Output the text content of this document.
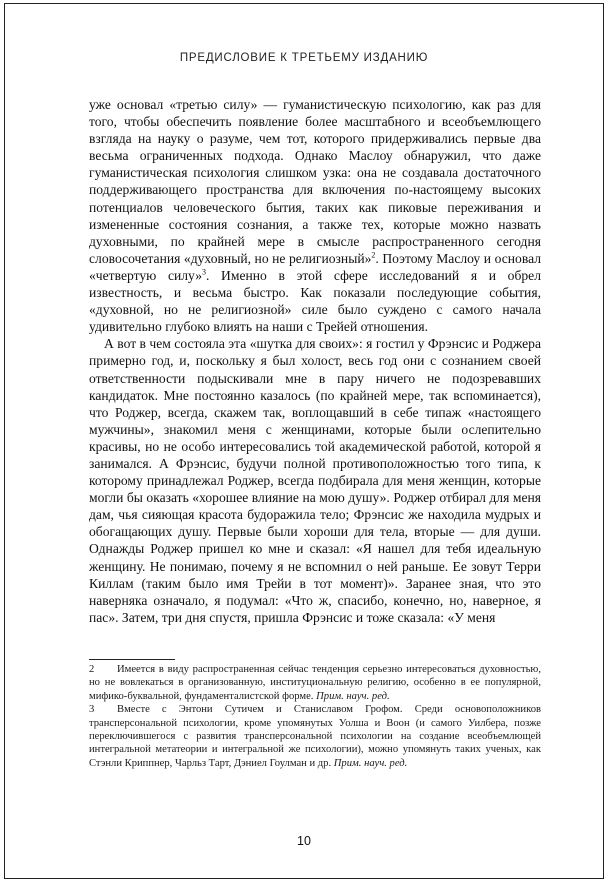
ПРЕДИСЛОВИЕ К ТРЕТЬЕМУ ИЗДАНИЮ

уже основал «третью силу» — гуманистическую психологию, как раз для того, чтобы обеспечить появление более масштабного и всеобъемлющего взгляда на науку о разуме, чем тот, которого придерживались первые два весьма ограниченных подхода. Однако Маслоу обнаружил, что даже гуманистическая психология слишком узка: она не создавала достаточного поддерживающего пространства для включения по-настоящему высоких потенциалов человеческого бытия, таких как пиковые переживания и измененные состояния сознания, а также тех, которые можно назвать духовными, по крайней мере в смысле распространенного сегодня словосочетания «духовный, но не религиозный»$^2$. Поэтому Маслоу и основал «четвертую силу»$^3$. Именно в этой сфере исследований я и обрел известность, и весьма быстро. Как показали последующие события, «духовной, но не религиозной» силе было суждено с самого начала удивительно глубоко влиять на наши с Трейей отношения.

А вот в чем состояла эта «шутка для своих»: я гостил у Фрэнсис и Роджера примерно год, и, поскольку я был холост, весь год они с сознанием своей ответственности подыскивали мне в пару ничего не подозревавших кандидаток. Мне постоянно казалось (по крайней мере, так вспоминается), что Роджер, всегда, скажем так, воплощавший в себе типаж «настоящего мужчины», знакомил меня с женщинами, которые были ослепительно красивы, но не особо интересовались той академической работой, которой я занимался. А Фрэнсис, будучи полной противоположностью того типа, к которому принадлежал Роджер, всегда подбирала для меня женщин, которые могли бы оказать «хорошее влияние на мою душу». Роджер отбирал для меня дам, чья сияющая красота будоражила тело; Фрэнсис же находила мудрых и обогащающих душу. Первые были хороши для тела, вторые — для души. Однажды Роджер пришел ко мне и сказал: «Я нашел для тебя идеальную женщину. Не понимаю, почему я не вспомнил о ней раньше. Ее зовут Терри Киллам (таким было имя Трейи в тот момент)». Заранее зная, что это наверняка означало, я подумал: «Что ж, спасибо, конечно, но, наверное, я пас». Затем, три дня спустя, пришла Фрэнсис и тоже сказала: «У меня

2 Имеется в виду распространенная сейчас тенденция серьезно интересоваться духовностью, но не вовлекаться в организованную, институциональную религию, особенно в ее популярной, мифико-буквальной, фундаменталистской форме. Прим. науч. ред.

3 Вместе с Энтони Сутичем и Станиславом Грофом. Среди основоположников трансперсональной психологии, кроме упомянутых Уолша и Воон (и самого Уилбера, позже переключившегося с развития трансперсональной психологии на создание всеобъемлющей интегральной метатеории и интегральной же психологии), можно упомянуть таких ученых, как Стэнли Криппнер, Чарльз Тарт, Дэниел Гоулман и др. Прим. науч. ред.

10
